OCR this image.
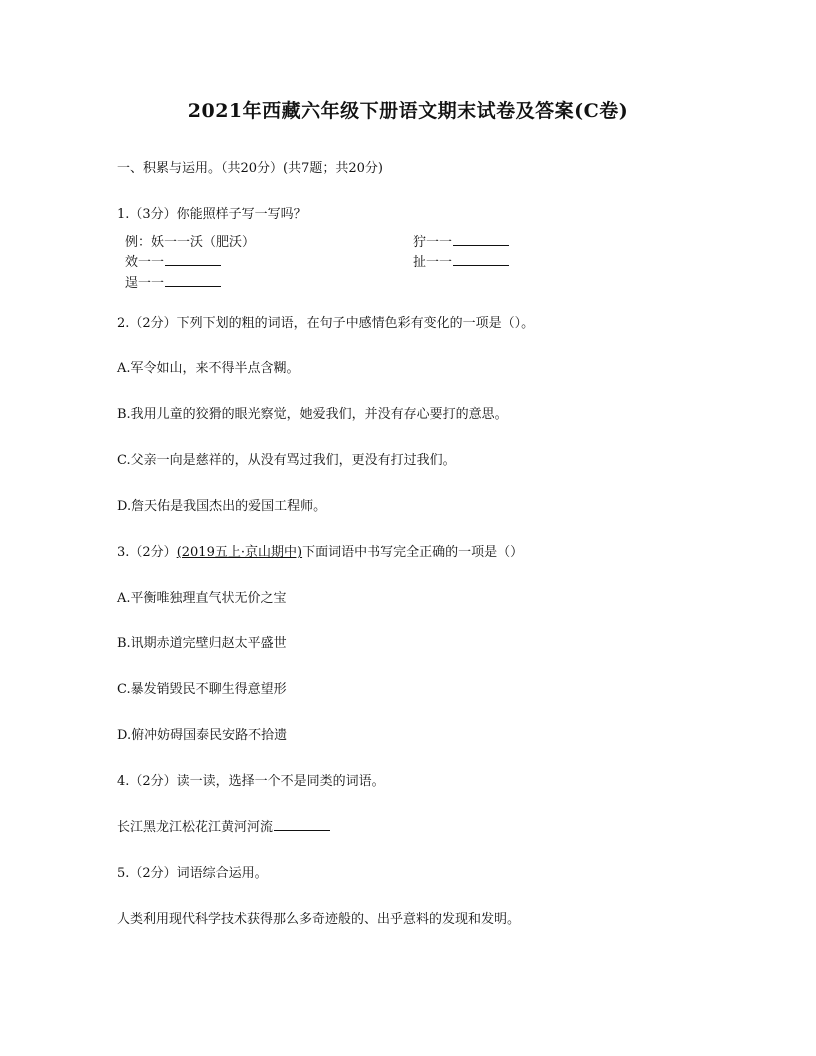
2021年西藏六年级下册语文期末试卷及答案(C卷)
一、积累与运用。（共20分）(共7题；共20分)
1.（3分）你能照样子写一写吗？
例：妖一一沃（肥沃）	狞一一
效一一	扯一一
逞一一
2.（2分）下列下划的粗的词语，在句子中感情色彩有变化的一项是（）。
A.军令如山，来不得半点含糊。
B.我用儿童的狡猾的眼光察觉，她爱我们，并没有存心要打的意思。
C.父亲一向是慈祥的，从没有骂过我们，更没有打过我们。
D.詹天佑是我国杰出的爱国工程师。
3.（2分）(2019五上·京山期中)下面词语中书写完全正确的一项是（）
A.平衡唯独理直气状无价之宝
B.讯期赤道完壁归赵太平盛世
C.暴发销毁民不聊生得意望形
D.俯冲妨碍国泰民安路不拾遗
4.（2分）读一读，选择一个不是同类的词语。
长江黑龙江松花江黄河河流
5.（2分）词语综合运用。
人类利用现代科学技术获得那么多奇迹般的、出乎意料的发现和发明。
